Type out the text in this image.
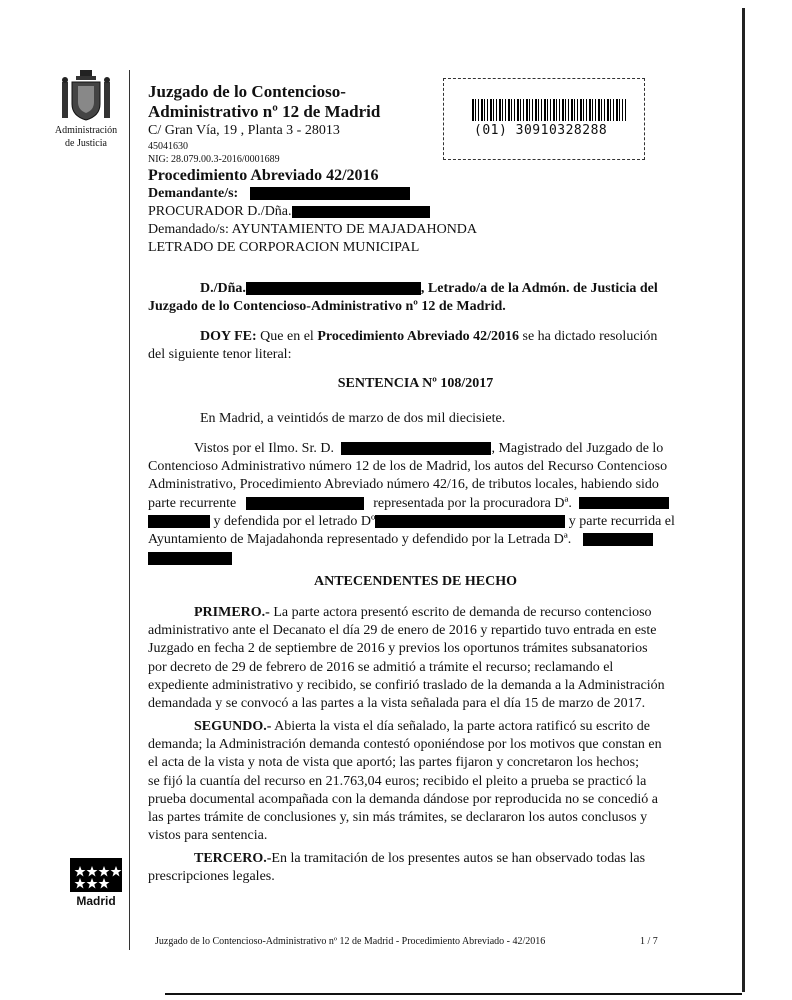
Administración
de Justicia
Juzgado de lo Contencioso-
Administrativo nº 12 de Madrid
C/ Gran Vía, 19 , Planta 3 - 28013
45041630
NIG: 28.079.00.3-2016/0001689
Procedimiento Abreviado 42/2016
Demandante/s:
PROCURADOR D./Dña.
Demandado/s: AYUNTAMIENTO DE MAJADAHONDA
LETRADO DE CORPORACION MUNICIPAL
(01) 30910328288
D./Dña.	, Letrado/a de la Admón. de Justicia del
Juzgado de lo Contencioso-Administrativo nº 12 de Madrid.
DOY FE: Que en el Procedimiento Abreviado 42/2016 se ha dictado resolución
del siguiente tenor literal:
SENTENCIA Nº 108/2017
En Madrid, a veintidós de marzo de dos mil diecisiete.
Vistos por el Ilmo. Sr. D.	, Magistrado del Juzgado de lo
Contencioso Administrativo número 12 de los de Madrid, los autos del Recurso Contencioso
Administrativo, Procedimiento Abreviado número 42/16, de tributos locales, habiendo sido
parte recurrente	representada por la procuradora Dª.
y defendida por el letrado Dº	y parte recurrida el
Ayuntamiento de Majadahonda representado y defendido por la Letrada Dª.
ANTECENDENTES DE HECHO
PRIMERO.- La parte actora presentó escrito de demanda de recurso contencioso
administrativo ante el Decanato el día 29 de enero de 2016 y repartido tuvo entrada en este
Juzgado en fecha 2 de septiembre de 2016 y previos los oportunos trámites subsanatorios
por decreto de 29 de febrero de 2016 se admitió a trámite el recurso; reclamando el
expediente administrativo y recibido, se confirió traslado de la demanda a la Administración
demandada y se convocó a las partes a la vista señalada para el día 15 de marzo de 2017.
SEGUNDO.- Abierta la vista el día señalado, la parte actora ratificó su escrito de
demanda; la Administración demanda contestó oponiéndose por los motivos que constan en
el acta de la vista y nota de vista que aportó; las partes fijaron y concretaron los hechos;
se fijó la cuantía del recurso en 21.763,04 euros; recibido el pleito a prueba se practicó la
prueba documental acompañada con la demanda dándose por reproducida no se concedió a
las partes trámite de conclusiones y, sin más trámites, se declararon los autos conclusos y
vistos para sentencia.
TERCERO.-En la tramitación de los presentes autos se han observado todas las
prescripciones legales.
Madrid
Juzgado de lo Contencioso-Administrativo nº 12 de Madrid - Procedimiento Abreviado - 42/2016	1 / 7
